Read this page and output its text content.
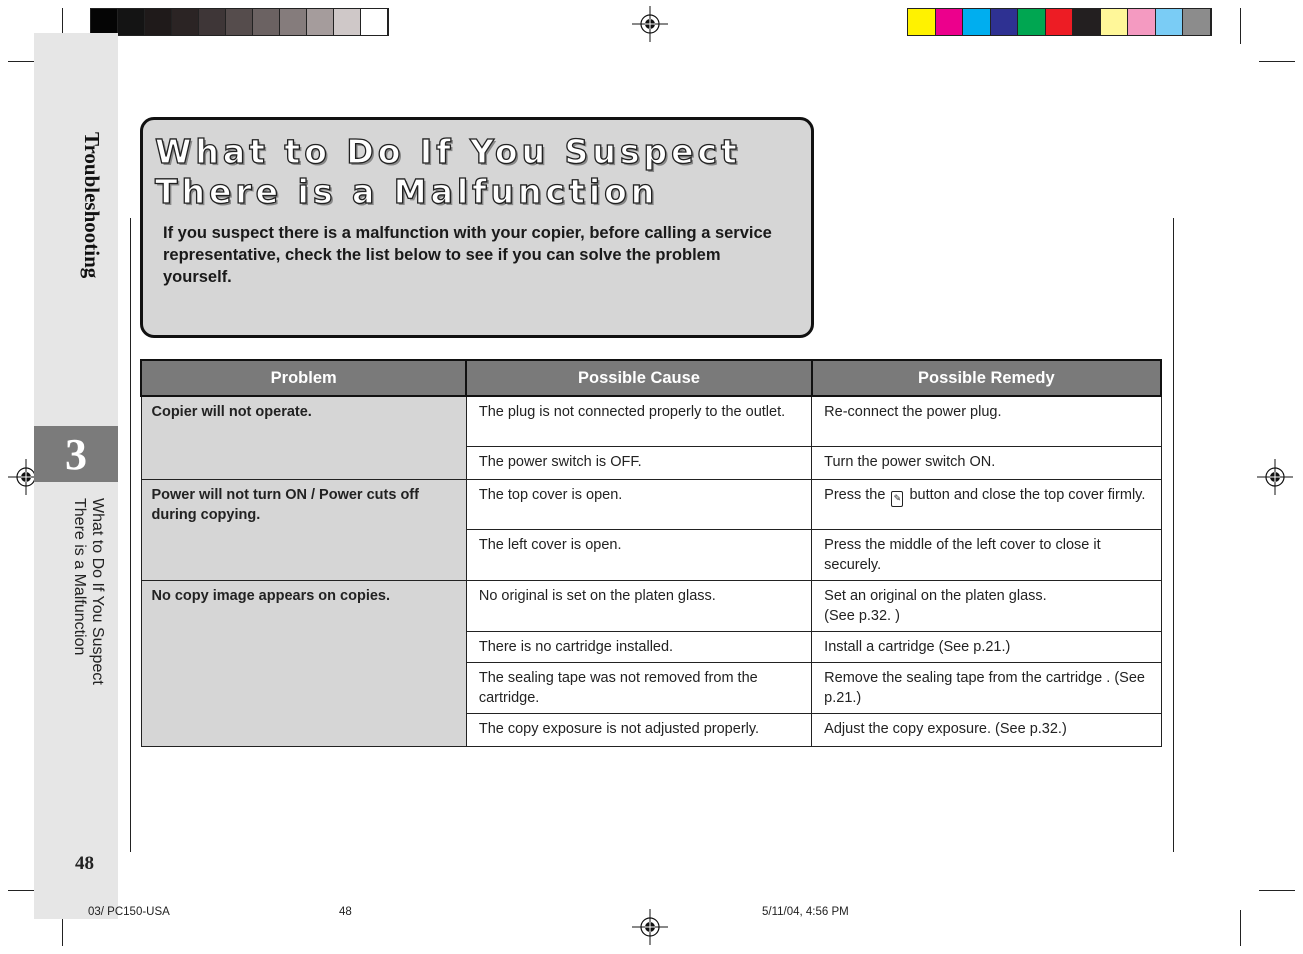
Troubleshooting
3
What to Do If You Suspect
There is a Malfunction
48
What to Do If You Suspect
There is a Malfunction

If you suspect there is a malfunction with your copier, before calling a service representative, check the list below to see if you can solve the problem yourself.

Problem	Possible Cause	Possible Remedy
Copier will not operate.	The plug is not connected properly to the outlet.	Re-connect the power plug.
	The power switch is OFF.	Turn the power switch ON.
Power will not turn ON / Power cuts off during copying.	The top cover is open.	Press the ✎ button and close the top cover firmly.
	The left cover is open.	Press the middle of the left cover to close it securely.
No copy image appears on copies.	No original is set on the platen glass.	Set an original on the platen glass.
(See p.32. )
	There is no cartridge installed.	Install a cartridge (See p.21.)
	The sealing tape was not removed from the cartridge.	Remove the sealing tape from the cartridge . (See p.21.)
	The copy exposure is not adjusted properly.	Adjust the copy exposure. (See p.32.)
03/ PC150-USA	48	5/11/04, 4:56 PM
